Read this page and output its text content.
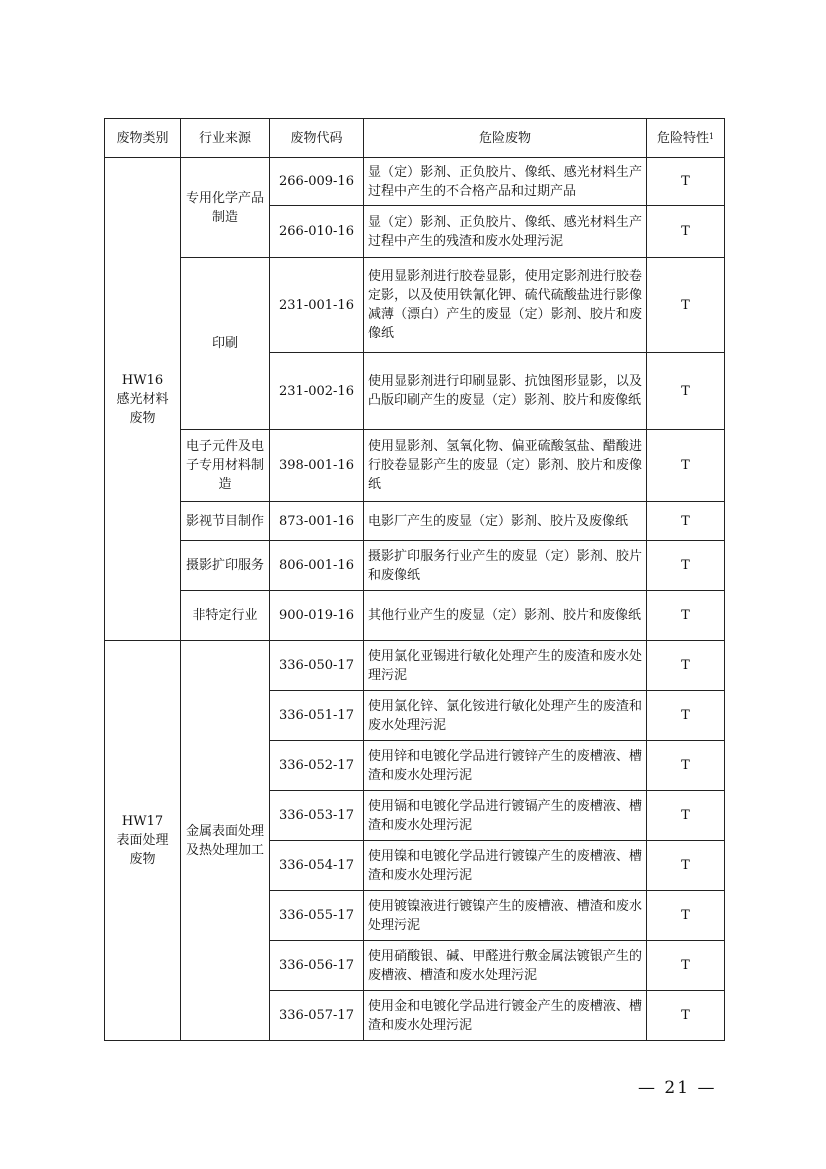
废物类别	行业来源	废物代码	危险废物	危险特性$^1$

HW16
感光材料
废物	专用化学产品制造	266-009-16	显（定）影剂、正负胶片、像纸、感光材料生产过程中产生的不合格产品和过期产品	T
		266-010-16	显（定）影剂、正负胶片、像纸、感光材料生产过程中产生的残渣和废水处理污泥	T
	印刷	231-001-16	使用显影剂进行胶卷显影，使用定影剂进行胶卷定影，以及使用铁氰化钾、硫代硫酸盐进行影像减薄（漂白）产生的废显（定）影剂、胶片和废像纸	T
		231-002-16	使用显影剂进行印刷显影、抗蚀图形显影，以及凸版印刷产生的废显（定）影剂、胶片和废像纸	T
	电子元件及电子专用材料制造	398-001-16	使用显影剂、氢氧化物、偏亚硫酸氢盐、醋酸进行胶卷显影产生的废显（定）影剂、胶片和废像纸	T
	影视节目制作	873-001-16	电影厂产生的废显（定）影剂、胶片及废像纸	T
	摄影扩印服务	806-001-16	摄影扩印服务行业产生的废显（定）影剂、胶片和废像纸	T
	非特定行业	900-019-16	其他行业产生的废显（定）影剂、胶片和废像纸	T

HW17
表面处理
废物	金属表面处理及热处理加工	336-050-17	使用氯化亚锡进行敏化处理产生的废渣和废水处理污泥	T
		336-051-17	使用氯化锌、氯化铵进行敏化处理产生的废渣和废水处理污泥	T
		336-052-17	使用锌和电镀化学品进行镀锌产生的废槽液、槽渣和废水处理污泥	T
		336-053-17	使用镉和电镀化学品进行镀镉产生的废槽液、槽渣和废水处理污泥	T
		336-054-17	使用镍和电镀化学品进行镀镍产生的废槽液、槽渣和废水处理污泥	T
		336-055-17	使用镀镍液进行镀镍产生的废槽液、槽渣和废水处理污泥	T
		336-056-17	使用硝酸银、碱、甲醛进行敷金属法镀银产生的废槽液、槽渣和废水处理污泥	T
		336-057-17	使用金和电镀化学品进行镀金产生的废槽液、槽渣和废水处理污泥	T
— 21 —
